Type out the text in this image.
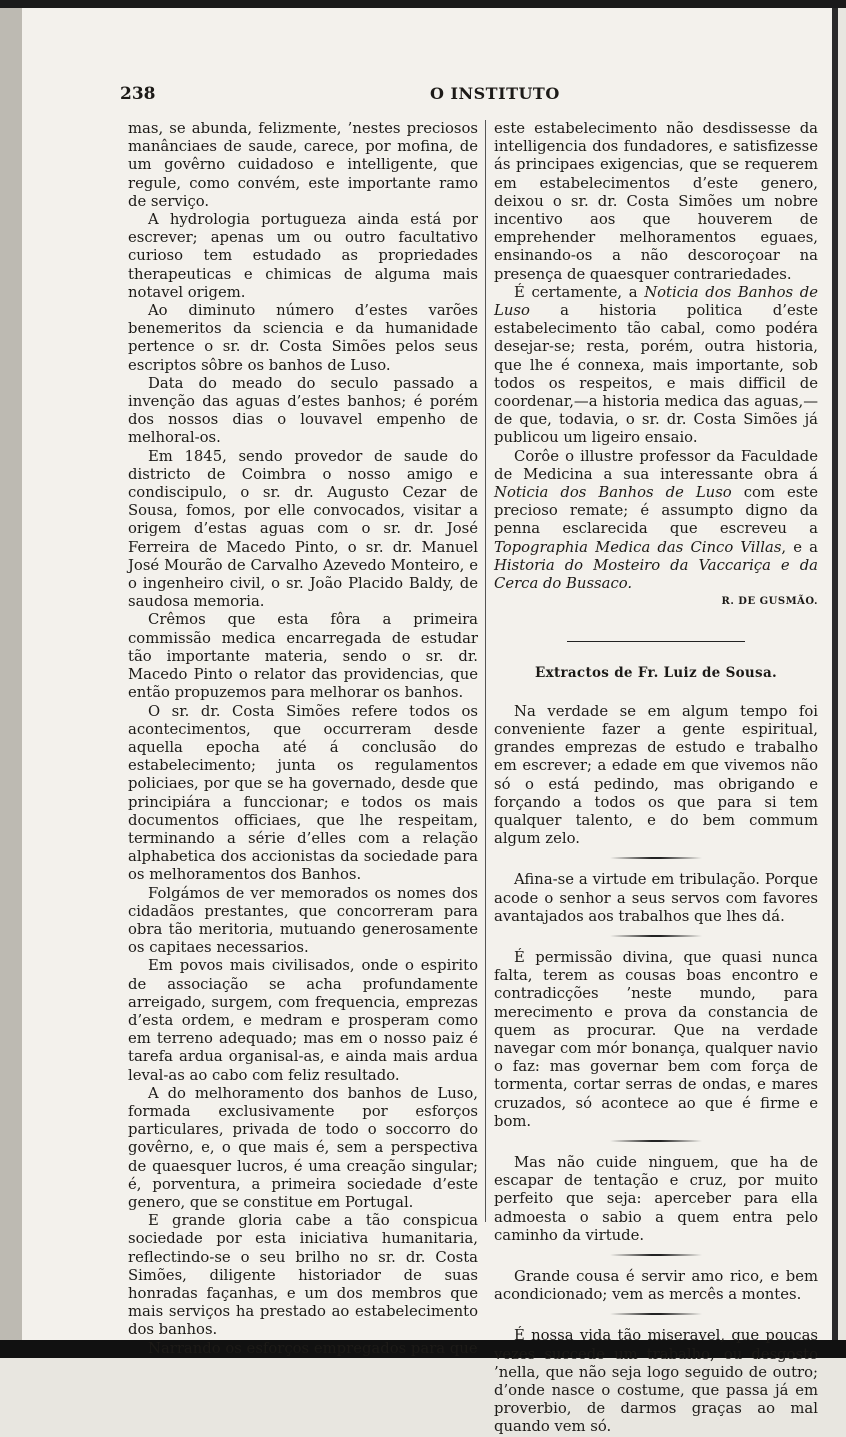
238	O INSTITUTO

mas, se abunda, felizmente, ’nestes preciosos manânciaes de saude, carece, por mofina, de um govêrno cuidadoso e intelligente, que regule, como convém, este importante ramo de serviço.

A hydrologia portugueza ainda está por escrever; apenas um ou outro facultativo curioso tem estudado as propriedades therapeuticas e chimicas de alguma mais notavel origem.

Ao diminuto número d’estes varões benemeritos da sciencia e da humanidade pertence o sr. dr. Costa Simões pelos seus escriptos sôbre os banhos de Luso.

Data do meado do seculo passado a invenção das aguas d’estes banhos; é porém dos nossos dias o louvavel empenho de melhoral-os.

Em 1845, sendo provedor de saude do districto de Coimbra o nosso amigo e condiscipulo, o sr. dr. Augusto Cezar de Sousa, fomos, por elle convocados, visitar a origem d’estas aguas com o sr. dr. José Ferreira de Macedo Pinto, o sr. dr. Manuel José Mourão de Carvalho Azevedo Monteiro, e o ingenheiro civil, o sr. João Placido Baldy, de saudosa memoria.

Crêmos que esta fôra a primeira commissão medica encarregada de estudar tão importante materia, sendo o sr. dr. Macedo Pinto o relator das providencias, que então propuzemos para melhorar os banhos.

O sr. dr. Costa Simões refere todos os acontecimentos, que occurreram desde aquella epocha até á conclusão do estabelecimento; junta os regulamentos policiaes, por que se ha governado, desde que principiára a funccionar; e todos os mais documentos officiaes, que lhe respeitam, terminando a série d’elles com a relação alphabetica dos accionistas da sociedade para os melhoramentos dos Banhos.

Folgámos de ver memorados os nomes dos cidadãos prestantes, que concorreram para obra tão meritoria, mutuando generosamente os capitaes necessarios.

Em povos mais civilisados, onde o espirito de associação se acha profundamente arreigado, surgem, com frequencia, emprezas d’esta ordem, e medram e prosperam como em terreno adequado; mas em o nosso paiz é tarefa ardua organisal-as, e ainda mais ardua leval-as ao cabo com feliz resultado.

A do melhoramento dos banhos de Luso, formada exclusivamente por esforços particulares, privada de todo o soccorro do govêrno, e, o que mais é, sem a perspectiva de quaesquer lucros, é uma creação singular; é, porventura, a primeira sociedade d’este genero, que se constitue em Portugal.

E grande gloria cabe a tão conspicua sociedade por esta iniciativa humanitaria, reflectindo-se o seu brilho no sr. dr. Costa Simões, diligente historiador de suas honradas façanhas, e um dos membros que mais serviços ha prestado ao estabelecimento dos banhos.

Narrando os esforços empregados para que

este estabelecimento não desdissesse da intelligencia dos fundadores, e satisfizesse ás principaes exigencias, que se requerem em estabelecimentos d’este genero, deixou o sr. dr. Costa Simões um nobre incentivo aos que houverem de emprehender melhoramentos eguaes, ensinando-os a não descoroçoar na presença de quaesquer contrariedades.

É certamente, a Noticia dos Banhos de Luso a historia politica d’este estabelecimento tão cabal, como podéra desejar-se; resta, porém, outra historia, que lhe é connexa, mais importante, sob todos os respeitos, e mais difficil de coordenar,—a historia medica das aguas,—de que, todavia, o sr. dr. Costa Simões já publicou um ligeiro ensaio.

Corôe o illustre professor da Faculdade de Medicina a sua interessante obra á Noticia dos Banhos de Luso com este precioso remate; é assumpto digno da penna esclarecida que escreveu a Topographia Medica das Cinco Villas, e a Historia do Mosteiro da Vaccariça e da Cerca do Bussaco.

R. DE GUSMÃO.
Extractos de Fr. Luiz de Sousa.

Na verdade se em algum tempo foi conveniente fazer a gente espiritual, grandes emprezas de estudo e trabalho em escrever; a edade em que vivemos não só o está pedindo, mas obrigando e forçando a todos os que para si tem qualquer talento, e do bem commum algum zelo.

Afina-se a virtude em tribulação. Porque acode o senhor a seus servos com favores avantajados aos trabalhos que lhes dá.

É permissão divina, que quasi nunca falta, terem as cousas boas encontro e contradicções ’neste mundo, para merecimento e prova da constancia de quem as procurar. Que na verdade navegar com mór bonança, qualquer navio o faz: mas governar bem com força de tormenta, cortar serras de ondas, e mares cruzados, só acontece ao que é firme e bom.

Mas não cuide ninguem, que ha de escapar de tentação e cruz, por muito perfeito que seja: aperceber para ella admoesta o sabio a quem entra pelo caminho da virtude.

Grande cousa é servir amo rico, e bem acondicionado; vem as mercês a montes.

É nossa vida tão miseravel, que poucas vezes succede um trabalho, ou desgosto ’nella, que não seja logo seguido de outro; d’onde nasce o costume, que passa já em proverbio, de darmos graças ao mal quando vem só.
